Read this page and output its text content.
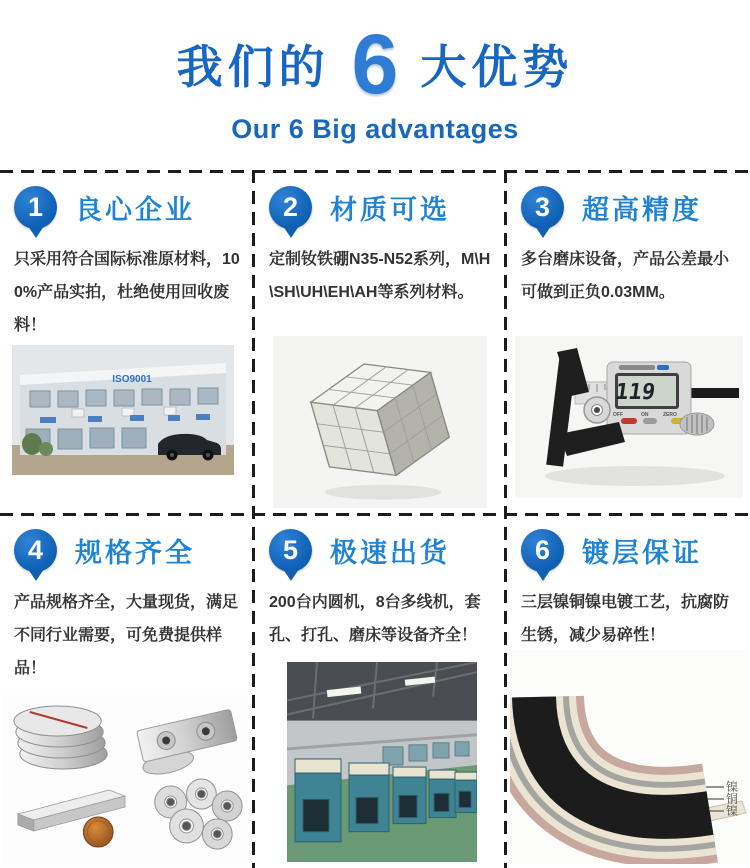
我们的 6 大优势
Our 6 Big advantages
1 良心企业

只采用符合国际标准原材料，100%产品实拍，杜绝使用回收废料！

ISO9001
2 材质可选

定制钕铁硼N35-N52系列，M\H\SH\UH\EH\AH等系列材料。

3 超高精度

多台磨床设备，产品公差最小可做到正负0.03MM。

119
OFF	ON	ZERO
4 规格齐全

产品规格齐全，大量现货，满足不同行业需要，可免费提供样品！

5 极速出货

200台内圆机，8台多线机，套孔、打孔、磨床等设备齐全！

6 镀层保证

三层镍铜镍电镀工艺，抗腐防生锈，减少易碎性！

镍
铜
镍
